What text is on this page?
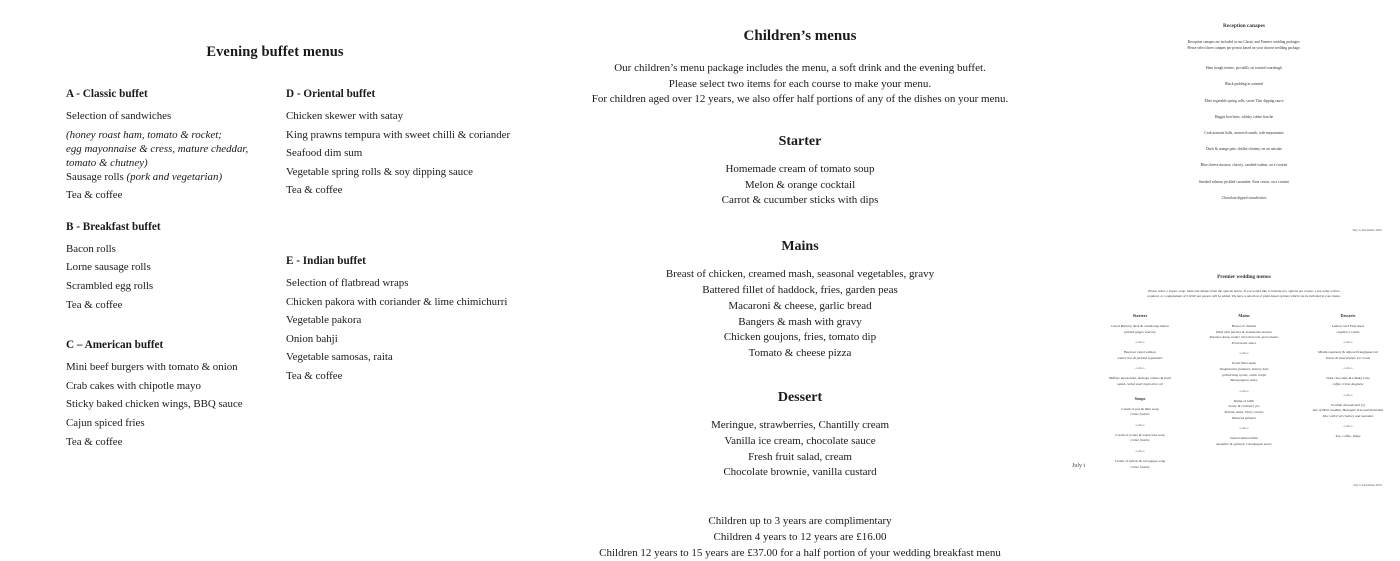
Evening buffet menus
A - Classic buffet
Selection of sandwiches
(honey roast ham, tomato & rocket;
egg mayonnaise & cress, mature cheddar,
tomato & chutney)
Sausage rolls (pork and vegetarian)
Tea & coffee
B - Breakfast buffet
Bacon rolls
Lorne sausage rolls
Scrambled egg rolls
Tea & coffee
C – American buffet
Mini beef burgers with tomato & onion
Crab cakes with chipotle mayo
Sticky baked chicken wings, BBQ sauce
Cajun spiced fries
Tea & coffee
D - Oriental buffet
Chicken skewer with satay
King prawns tempura with sweet chilli & coriander
Seafood dim sum
Vegetable spring rolls & soy dipping sauce
Tea & coffee
E - Indian buffet
Selection of flatbread wraps
Chicken pakora with coriander & lime chimichurri
Vegetable pakora
Onion bahji
Vegetable samosas, raita
Tea & coffee
Children’s menus
Our children’s menu package includes the menu, a soft drink and the evening buffet.
Please select two items for each course to make your menu.
For children aged over 12 years, we also offer half portions of any of the dishes on your menu.
Starter
Homemade cream of tomato soup
Melon & orange cocktail
Carrot & cucumber sticks with dips
Mains
Breast of chicken, creamed mash, seasonal vegetables, gravy
Battered fillet of haddock, fries, garden peas
Macaroni & cheese, garlic bread
Bangers & mash with gravy
Chicken goujons, fries, tomato dip
Tomato & cheese pizza
Dessert
Meringue, strawberries, Chantilly cream
Vanilla ice cream, chocolate sauce
Fresh fruit salad, cream
Chocolate brownie, vanilla custard
Children up to 3 years are complimentary
Children 4 years to 12 years are £16.00
Children 12 years to 15 years are £37.00 for a half portion of your wedding breakfast menu
July t
Reception canapes
Reception canapes are included in our Classic and Premier wedding packages.
Please select three canapes per person based on your chosen wedding package.
Ham hough terrine, piccalilli, on toasted sourdough
Black pudding in oatmeal
Mini vegetable spring rolls, sweet Thai dipping sauce
Haggis bon bons, whisky crème fraiche
Crab arancini balls, seaweed crumb, crab mayonnaise
Duck & orange pate, shallot chutney, on an oatcake
Blue cheese mousse, chicory, candied walnut, on a crostini
Smoked salmon, pickled cucumber, Keta caviar, on a crostini
Chocolate dipped strawberries
July to December 2025
Premier wedding menus
Please select a starter, soup, main and dessert from the options below. If you would like to include two options per course, a pre-order will be
required, or a supplement of £10.00 per person will be added. We have a selection of plant-based options which can be included in your menu.
Starters
Cured Barbary duck & cantaloupe melon
pickled ginger and soy
ooOoo
Beetroot cured salmon
watercress & pickled vegetables
ooOoo
Buffalo mozzarella, heritage tomato & basil
salad, rocket and virgin olive oil
Soups
Cream of pea & mint soup
crème fraiche
ooOoo
Cream of potato & watercress soup
crème fraiche
ooOoo
Cream of tomato & red pepper soup
crème fraiche
Mains
Breast of chicken
filled with parsley & mozzarella mousse
Pommes Anna, tender stem broccoli, green beans
Provencale sauce
ooOoo
Roast fillet steak
Dauphinoise potatoes, buttery kale
grilled king oyster, onion confit
Bourguignon sauce
ooOoo
Rump of lamb
honey & rosemary jus
Pomme Anna, Vichy carrots
Buttered spinach
ooOoo
Seared salmon fillet
samphire & spinach, Champagne sauce
Desserts
Lemon curd Eton mess
raspberry coulis
ooOoo
Miami raspberry & almond frangipane tart
lemon & mascarpone ice cream
ooOoo
Dark chocolate & whisky torte
coffee crème Anglaise
ooOoo
Scottish cheeseboard (v)
Isle of Mull cheddar, Hoargate brie and Strathdon
blue with fruit chutney and oatcakes
ooOoo
Tea, coffee, fudge
July to December 2025
